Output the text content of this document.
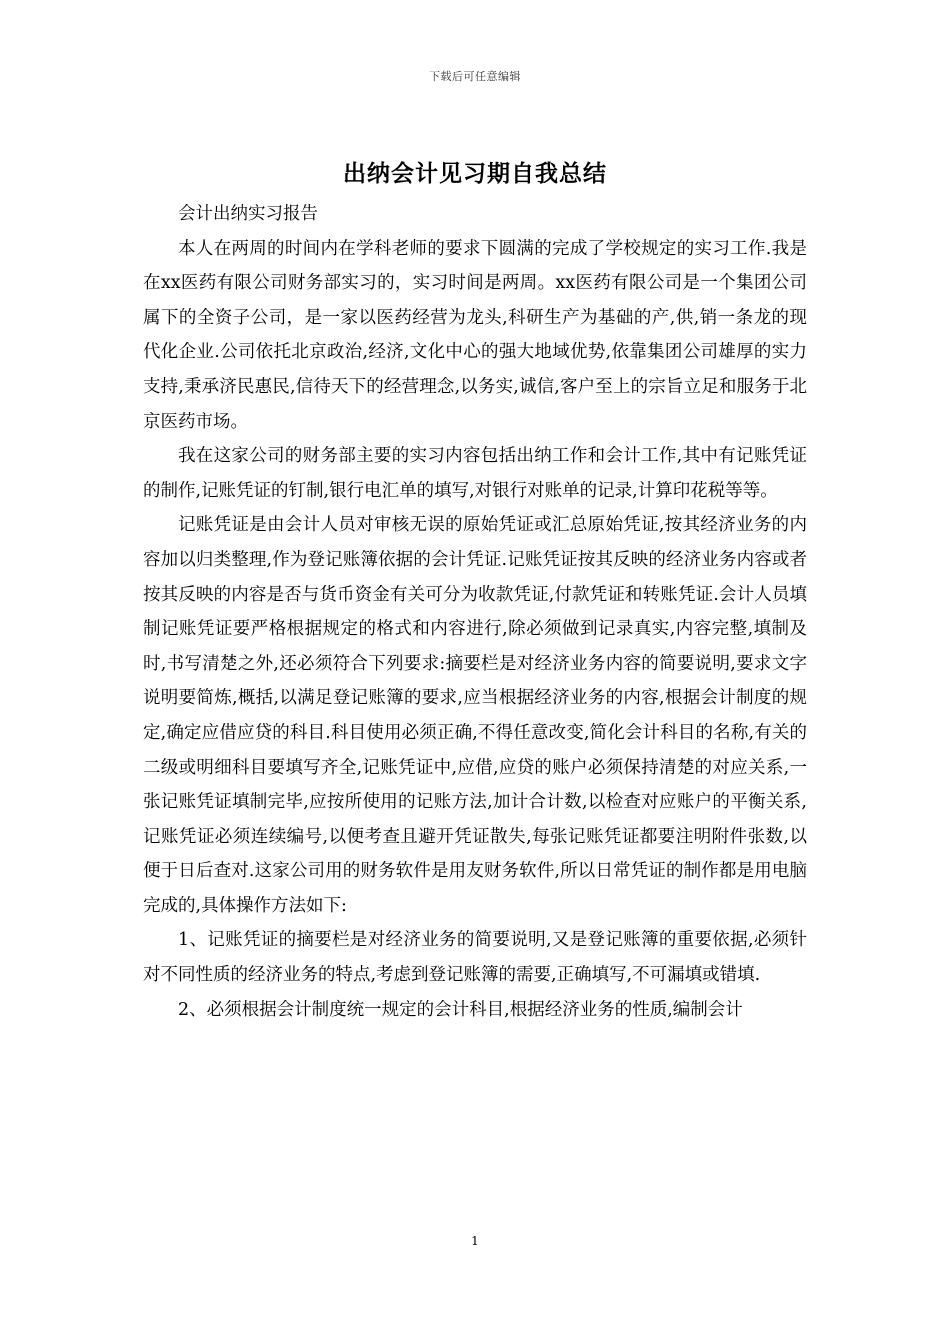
下载后可任意编辑
出纳会计见习期自我总结

会计出纳实习报告

本人在两周的时间内在学科老师的要求下圆满的完成了学校规定的实习工作.我是在xx医药有限公司财务部实习的，实习时间是两周。xx医药有限公司是一个集团公司属下的全资子公司，是一家以医药经营为龙头,科研生产为基础的产,供,销一条龙的现代化企业.公司依托北京政治,经济,文化中心的强大地域优势,依靠集团公司雄厚的实力支持,秉承济民惠民,信待天下的经营理念,以务实,诚信,客户至上的宗旨立足和服务于北京医药市场。

我在这家公司的财务部主要的实习内容包括出纳工作和会计工作,其中有记账凭证的制作,记账凭证的钉制,银行电汇单的填写,对银行对账单的记录,计算印花税等等。

记账凭证是由会计人员对审核无误的原始凭证或汇总原始凭证,按其经济业务的内容加以归类整理,作为登记账簿依据的会计凭证.记账凭证按其反映的经济业务内容或者按其反映的内容是否与货币资金有关可分为收款凭证,付款凭证和转账凭证.会计人员填制记账凭证要严格根据规定的格式和内容进行,除必须做到记录真实,内容完整,填制及时,书写清楚之外,还必须符合下列要求:摘要栏是对经济业务内容的简要说明,要求文字说明要简炼,概括,以满足登记账簿的要求,应当根据经济业务的内容,根据会计制度的规定,确定应借应贷的科目.科目使用必须正确,不得任意改变,简化会计科目的名称,有关的二级或明细科目要填写齐全,记账凭证中,应借,应贷的账户必须保持清楚的对应关系,一张记账凭证填制完毕,应按所使用的记账方法,加计合计数,以检查对应账户的平衡关系,记账凭证必须连续编号,以便考查且避开凭证散失,每张记账凭证都要注明附件张数,以便于日后查对.这家公司用的财务软件是用友财务软件,所以日常凭证的制作都是用电脑完成的,具体操作方法如下:

1、记账凭证的摘要栏是对经济业务的简要说明,又是登记账簿的重要依据,必须针对不同性质的经济业务的特点,考虑到登记账簿的需要,正确填写,不可漏填或错填.

2、必须根据会计制度统一规定的会计科目,根据经济业务的性质,编制会计

1
